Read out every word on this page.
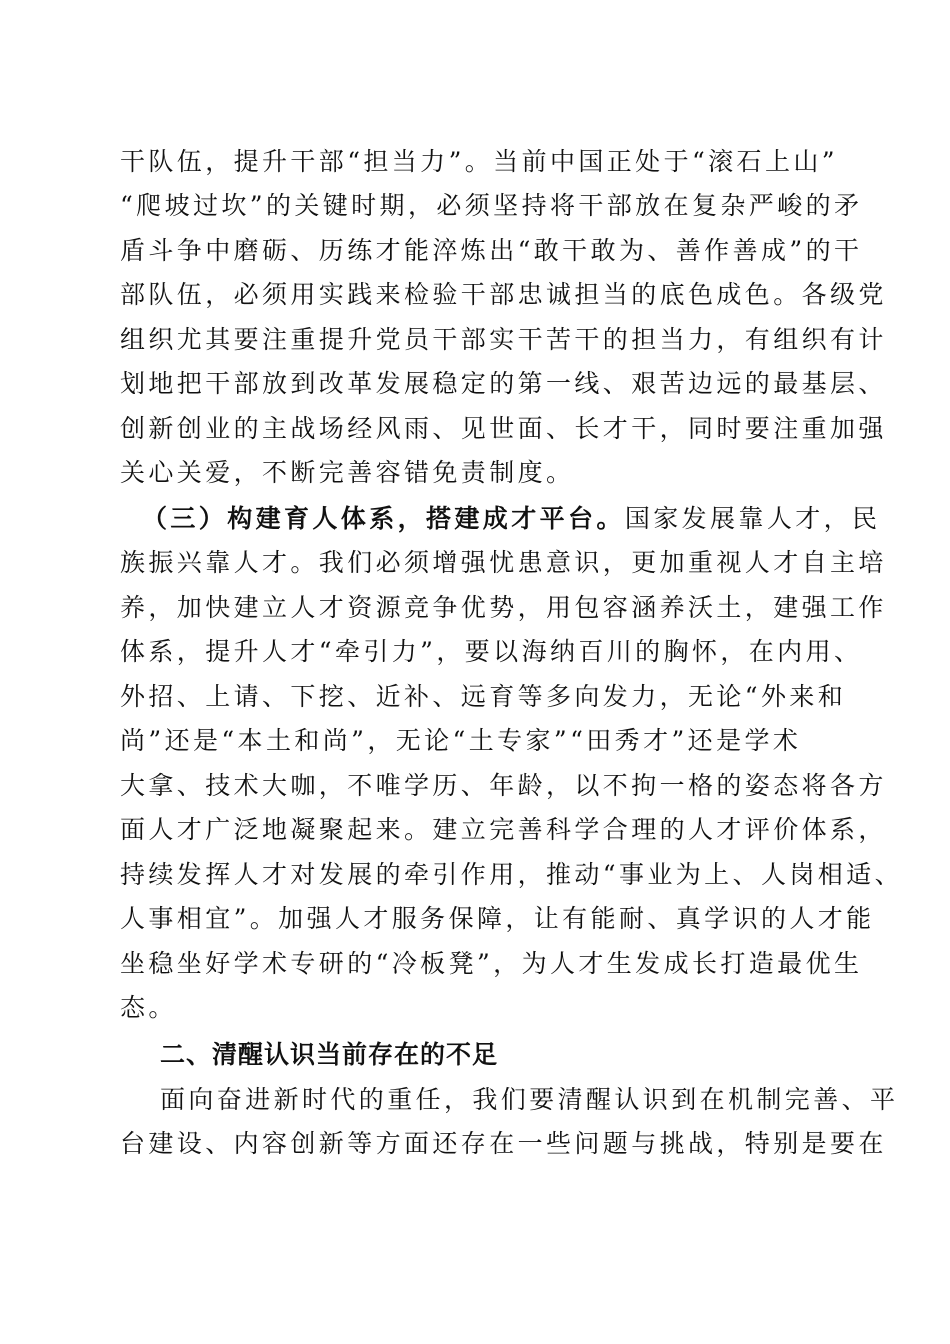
干队伍，提升干部“担当力”。当前中国正处于“滚石上山”

“爬坡过坎”的关键时期，必须坚持将干部放在复杂严峻的矛

盾斗争中磨砺、历练才能淬炼出“敢干敢为、善作善成”的干

部队伍，必须用实践来检验干部忠诚担当的底色成色。各级党

组织尤其要注重提升党员干部实干苦干的担当力，有组织有计

划地把干部放到改革发展稳定的第一线、艰苦边远的最基层、

创新创业的主战场经风雨、见世面、长才干，同时要注重加强

关心关爱，不断完善容错免责制度。

（三）构建育人体系，搭建成才平台。国家发展靠人才，民

族振兴靠人才。我们必须增强忧患意识，更加重视人才自主培

养，加快建立人才资源竞争优势，用包容涵养沃土，建强工作

体系，提升人才“牵引力”，要以海纳百川的胸怀，在内用、

外招、上请、下挖、近补、远育等多向发力，无论“外来和

尚”还是“本土和尚”，无论“土专家”“田秀才”还是学术

大拿、技术大咖，不唯学历、年龄，以不拘一格的姿态将各方

面人才广泛地凝聚起来。建立完善科学合理的人才评价体系，

持续发挥人才对发展的牵引作用，推动“事业为上、人岗相适、

人事相宜”。加强人才服务保障，让有能耐、真学识的人才能

坐稳坐好学术专研的“冷板凳”，为人才生发成长打造最优生

态。

二、清醒认识当前存在的不足

面向奋进新时代的重任，我们要清醒认识到在机制完善、平

台建设、内容创新等方面还存在一些问题与挑战，特别是要在
